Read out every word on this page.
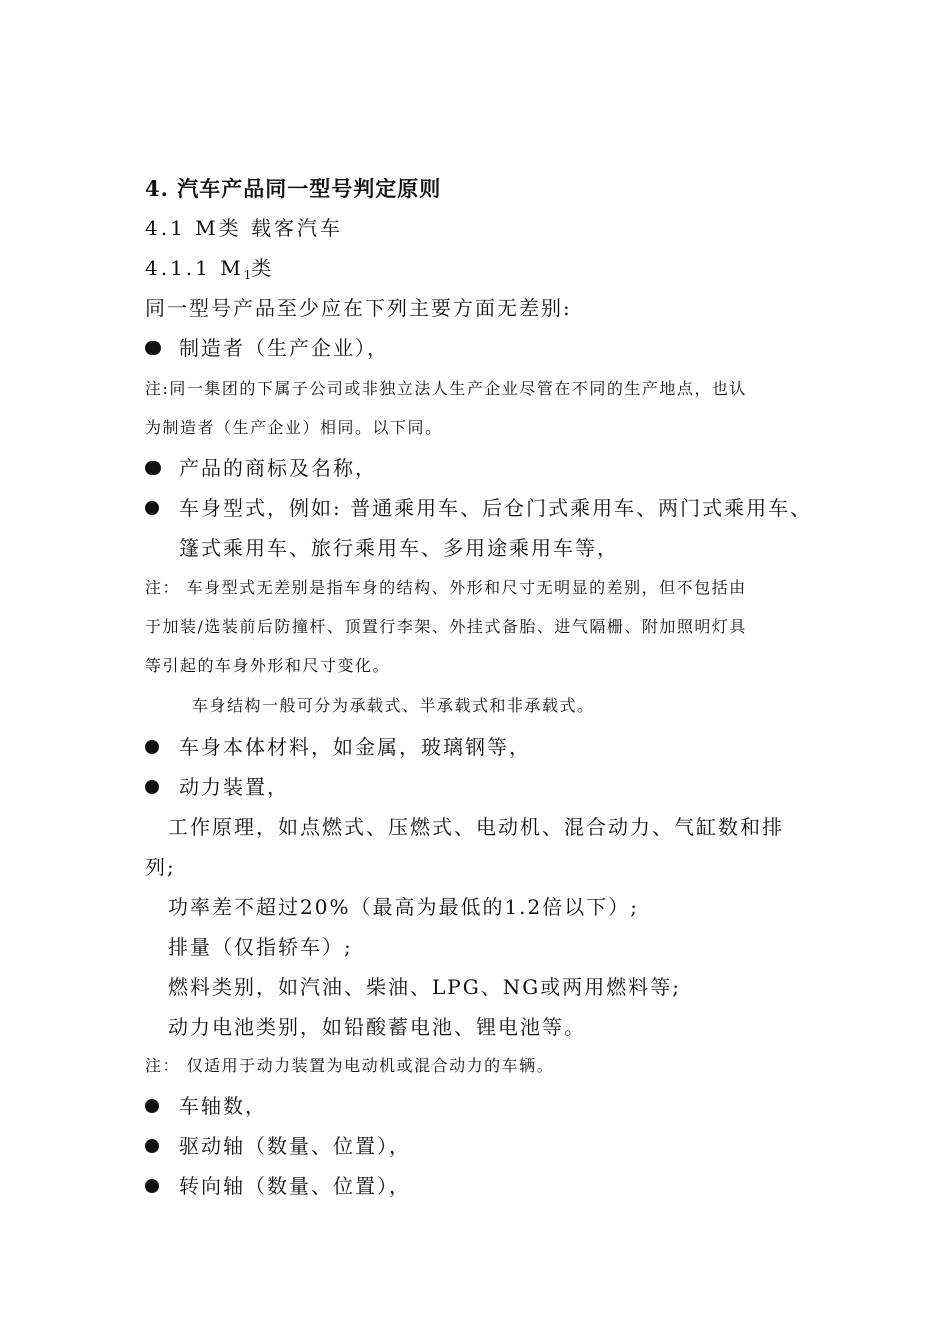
4. 汽车产品同一型号判定原则
4.1 M类 载客汽车
4.1.1 $M_1$类
同一型号产品至少应在下列主要方面无差别:
制造者（生产企业），
注:同一集团的下属子公司或非独立法人生产企业尽管在不同的生产地点，也认
为制造者（生产企业）相同。以下同。
产品的商标及名称，
车身型式，例如: 普通乘用车、后仓门式乘用车、两门式乘用车、
篷式乘用车、旅行乘用车、多用途乘用车等，
注： 车身型式无差别是指车身的结构、外形和尺寸无明显的差别，但不包括由
于加装/选装前后防撞杆、顶置行李架、外挂式备胎、进气隔栅、附加照明灯具
等引起的车身外形和尺寸变化。
车身结构一般可分为承载式、半承载式和非承载式。
车身本体材料，如金属，玻璃钢等，
动力装置，
工作原理，如点燃式、压燃式、电动机、混合动力、气缸数和排
列;
功率差不超过20%（最高为最低的1.2倍以下）;
排量（仅指轿车）;
燃料类别，如汽油、柴油、LPG、NG或两用燃料等;
动力电池类别，如铅酸蓄电池、锂电池等。
注： 仅适用于动力装置为电动机或混合动力的车辆。
车轴数，
驱动轴（数量、位置），
转向轴（数量、位置），
